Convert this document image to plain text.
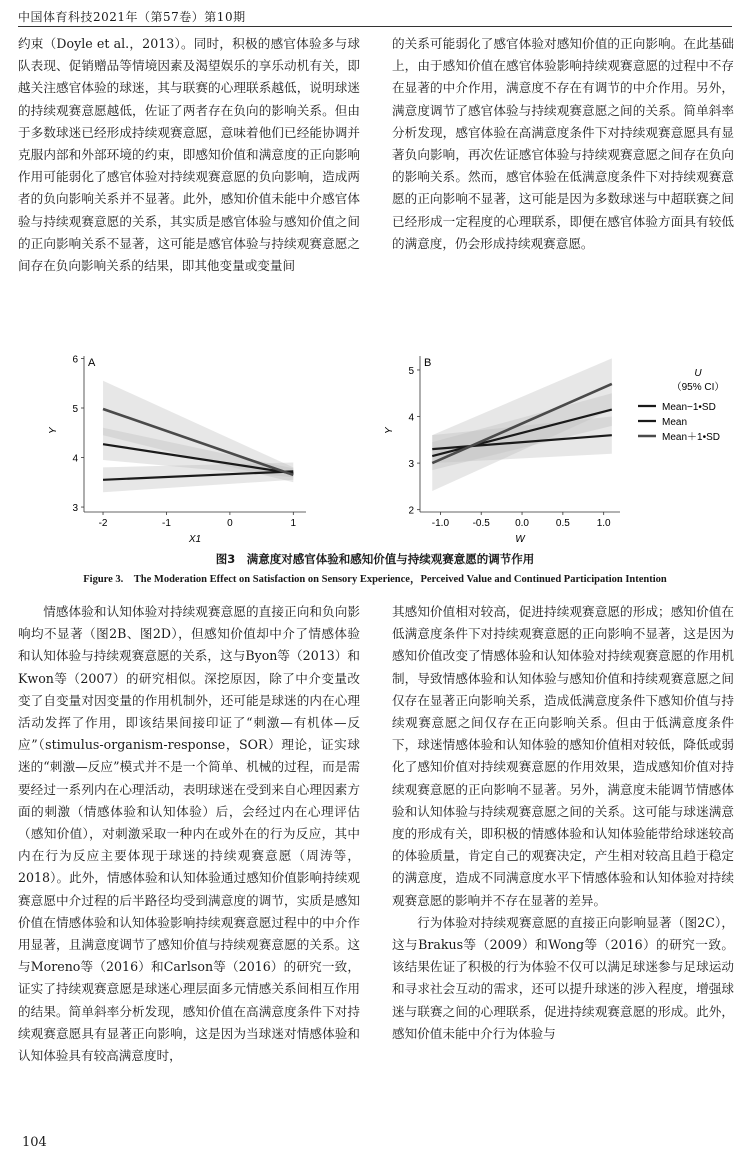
中国体育科技2021年（第57卷）第10期

约束（Doyle et al.，2013）。同时，积极的感官体验多与球队表现、促销赠品等情境因素及渴望娱乐的享乐动机有关，即越关注感官体验的球迷，其与联赛的心理联系越低，说明球迷的持续观赛意愿越低，佐证了两者存在负向的影响关系。但由于多数球迷已经形成持续观赛意愿，意味着他们已经能协调并克服内部和外部环境的约束，即感知价值和满意度的正向影响作用可能弱化了感官体验对持续观赛意愿的负向影响，造成两者的负向影响关系并不显著。此外，感知价值未能中介感官体验与持续观赛意愿的关系，其实质是感官体验与感知价值之间的正向影响关系不显著，这可能是感官体验与持续观赛意愿之间存在负向影响关系的结果，即其他变量或变量间

的关系可能弱化了感官体验对感知价值的正向影响。在此基础上，由于感知价值在感官体验影响持续观赛意愿的过程中不存在显著的中介作用，满意度不存在有调节的中介作用。另外，满意度调节了感官体验与持续观赛意愿之间的关系。简单斜率分析发现，感官体验在高满意度条件下对持续观赛意愿具有显著负向影响，再次佐证感官体验与持续观赛意愿之间存在负向的影响关系。然而，感官体验在低满意度条件下对持续观赛意愿的正向影响不显著，这可能是因为多数球迷与中超联赛之间已经形成一定程度的心理联系，即便在感官体验方面具有较低的满意度，仍会形成持续观赛意愿。

A
3
4
5
6
-2	-1	0	1
Y
X1
B
2
3
4
5
-1.0 -0.5	0.0	0.5	1.0
Y
W
U
（95% CI）
Mean−1•SD
Mean
Mean＋1•SD
图3　满意度对感官体验和感知价值与持续观赛意愿的调节作用
Figure 3.　The Moderation Effect on Satisfaction on Sensory Experience，Perceived Value and Continued Participation Intention

情感体验和认知体验对持续观赛意愿的直接正向和负向影响均不显著（图2B、图2D），但感知价值却中介了情感体验和认知体验与持续观赛意愿的关系，这与Byon等（2013）和Kwon等（2007）的研究相似。深挖原因，除了中介变量改变了自变量对因变量的作用机制外，还可能是球迷的内在心理活动发挥了作用，即该结果间接印证了“刺激—有机体—反应”（stimulus-organism-response，SOR）理论，证实球迷的“刺激—反应”模式并不是一个简单、机械的过程，而是需要经过一系列内在心理活动，表明球迷在受到来自心理因素方面的刺激（情感体验和认知体验）后，会经过内在心理评估（感知价值），对刺激采取一种内在或外在的行为反应，其中内在行为反应主要体现于球迷的持续观赛意愿（周涛等，2018）。此外，情感体验和认知体验通过感知价值影响持续观赛意愿中介过程的后半路径均受到满意度的调节，实质是感知价值在情感体验和认知体验影响持续观赛意愿过程中的中介作用显著，且满意度调节了感知价值与持续观赛意愿的关系。这与Moreno等（2016）和Carlson等（2016）的研究一致，证实了持续观赛意愿是球迷心理层面多元情感关系间相互作用的结果。简单斜率分析发现，感知价值在高满意度条件下对持续观赛意愿具有显著正向影响，这是因为当球迷对情感体验和认知体验具有较高满意度时，

其感知价值相对较高，促进持续观赛意愿的形成；感知价值在低满意度条件下对持续观赛意愿的正向影响不显著，这是因为感知价值改变了情感体验和认知体验对持续观赛意愿的作用机制，导致情感体验和认知体验与感知价值和持续观赛意愿之间仅存在显著正向影响关系，造成低满意度条件下感知价值与持续观赛意愿之间仅存在正向影响关系。但由于低满意度条件下，球迷情感体验和认知体验的感知价值相对较低，降低或弱化了感知价值对持续观赛意愿的作用效果，造成感知价值对持续观赛意愿的正向影响不显著。另外，满意度未能调节情感体验和认知体验与持续观赛意愿之间的关系。这可能与球迷满意度的形成有关，即积极的情感体验和认知体验能带给球迷较高的体验质量，肯定自己的观赛决定，产生相对较高且趋于稳定的满意度，造成不同满意度水平下情感体验和认知体验对持续观赛意愿的影响并不存在显著的差异。

行为体验对持续观赛意愿的直接正向影响显著（图2C），这与Brakus等（2009）和Wong等（2016）的研究一致。该结果佐证了积极的行为体验不仅可以满足球迷参与足球运动和寻求社会互动的需求，还可以提升球迷的涉入程度，增强球迷与联赛之间的心理联系，促进持续观赛意愿的形成。此外，感知价值未能中介行为体验与

104
